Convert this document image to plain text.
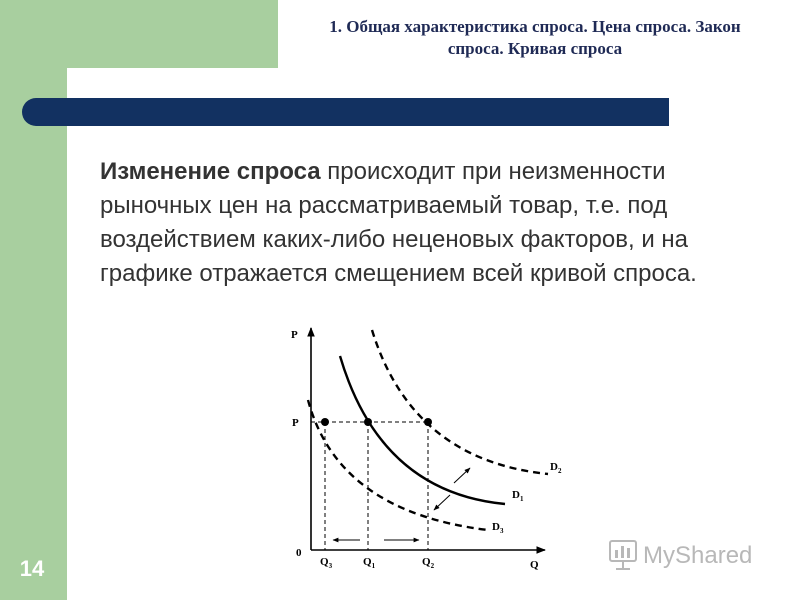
1. Общая характеристика спроса. Цена спроса. Закон
спроса. Кривая спроса
Изменение спроса происходит при неизменности рыночных цен на рассматриваемый товар, т.е. под воздействием каких-либо неценовых факторов, и на графике отражается смещением всей кривой спроса.
P
Q
0
P
$Q_3$	$Q_1$	$Q_2$
$D_1$
$D_2$
$D_3$
14	MyShared
